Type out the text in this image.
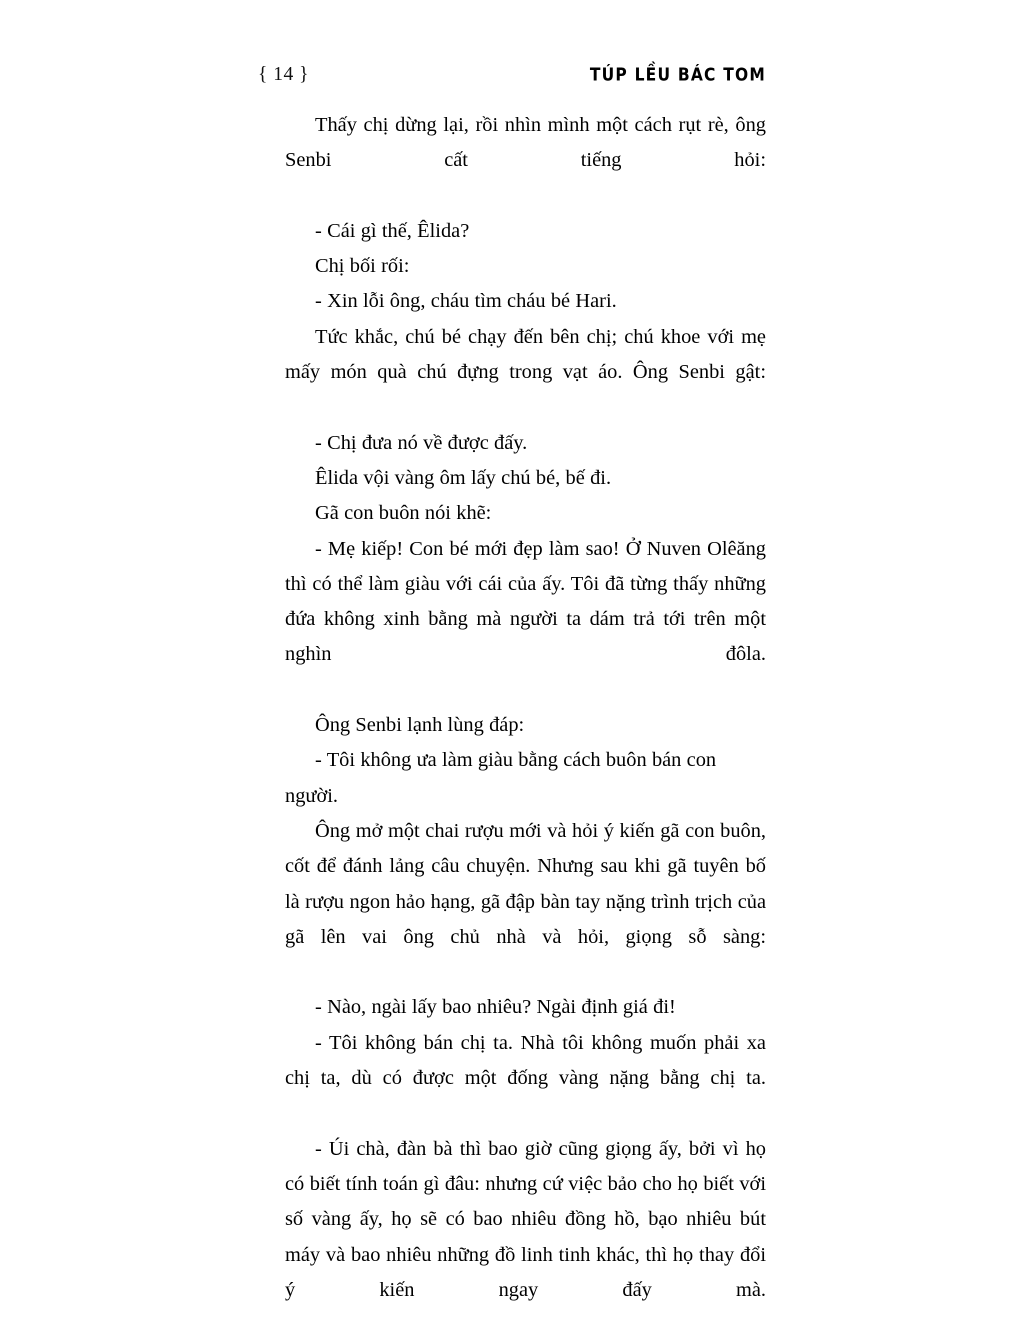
{ 14 }	TÚP LỀU BÁC TOM

Thấy chị dừng lại, rồi nhìn mình một cách rụt rè, ông Senbi cất tiếng hỏi:

- Cái gì thế, Êlida?

Chị bối rối:

- Xin lỗi ông, cháu tìm cháu bé Hari.

Tức khắc, chú bé chạy đến bên chị; chú khoe với mẹ mấy món quà chú đựng trong vạt áo. Ông Senbi gật:

- Chị đưa nó về được đấy.

Êlida vội vàng ôm lấy chú bé, bế đi.

Gã con buôn nói khẽ:

- Mẹ kiếp! Con bé mới đẹp làm sao! Ở Nuven Olêăng thì có thể làm giàu với cái của ấy. Tôi đã từng thấy những đứa không xinh bằng mà người ta dám trả tới trên một nghìn đôla.

Ông Senbi lạnh lùng đáp:

- Tôi không ưa làm giàu bằng cách buôn bán con người.

Ông mở một chai rượu mới và hỏi ý kiến gã con buôn, cốt để đánh lảng câu chuyện. Nhưng sau khi gã tuyên bố là rượu ngon hảo hạng, gã đập bàn tay nặng trình trịch của gã lên vai ông chủ nhà và hỏi, giọng sỗ sàng:

- Nào, ngài lấy bao nhiêu? Ngài định giá đi!

- Tôi không bán chị ta. Nhà tôi không muốn phải xa chị ta, dù có được một đống vàng nặng bằng chị ta.

- Úi chà, đàn bà thì bao giờ cũng giọng ấy, bởi vì họ có biết tính toán gì đâu: nhưng cứ việc bảo cho họ biết với số vàng ấy, họ sẽ có bao nhiêu đồng hồ, bạo nhiêu bút máy và bao nhiêu những đồ linh tinh khác, thì họ thay đổi ý kiến ngay đấy mà.
